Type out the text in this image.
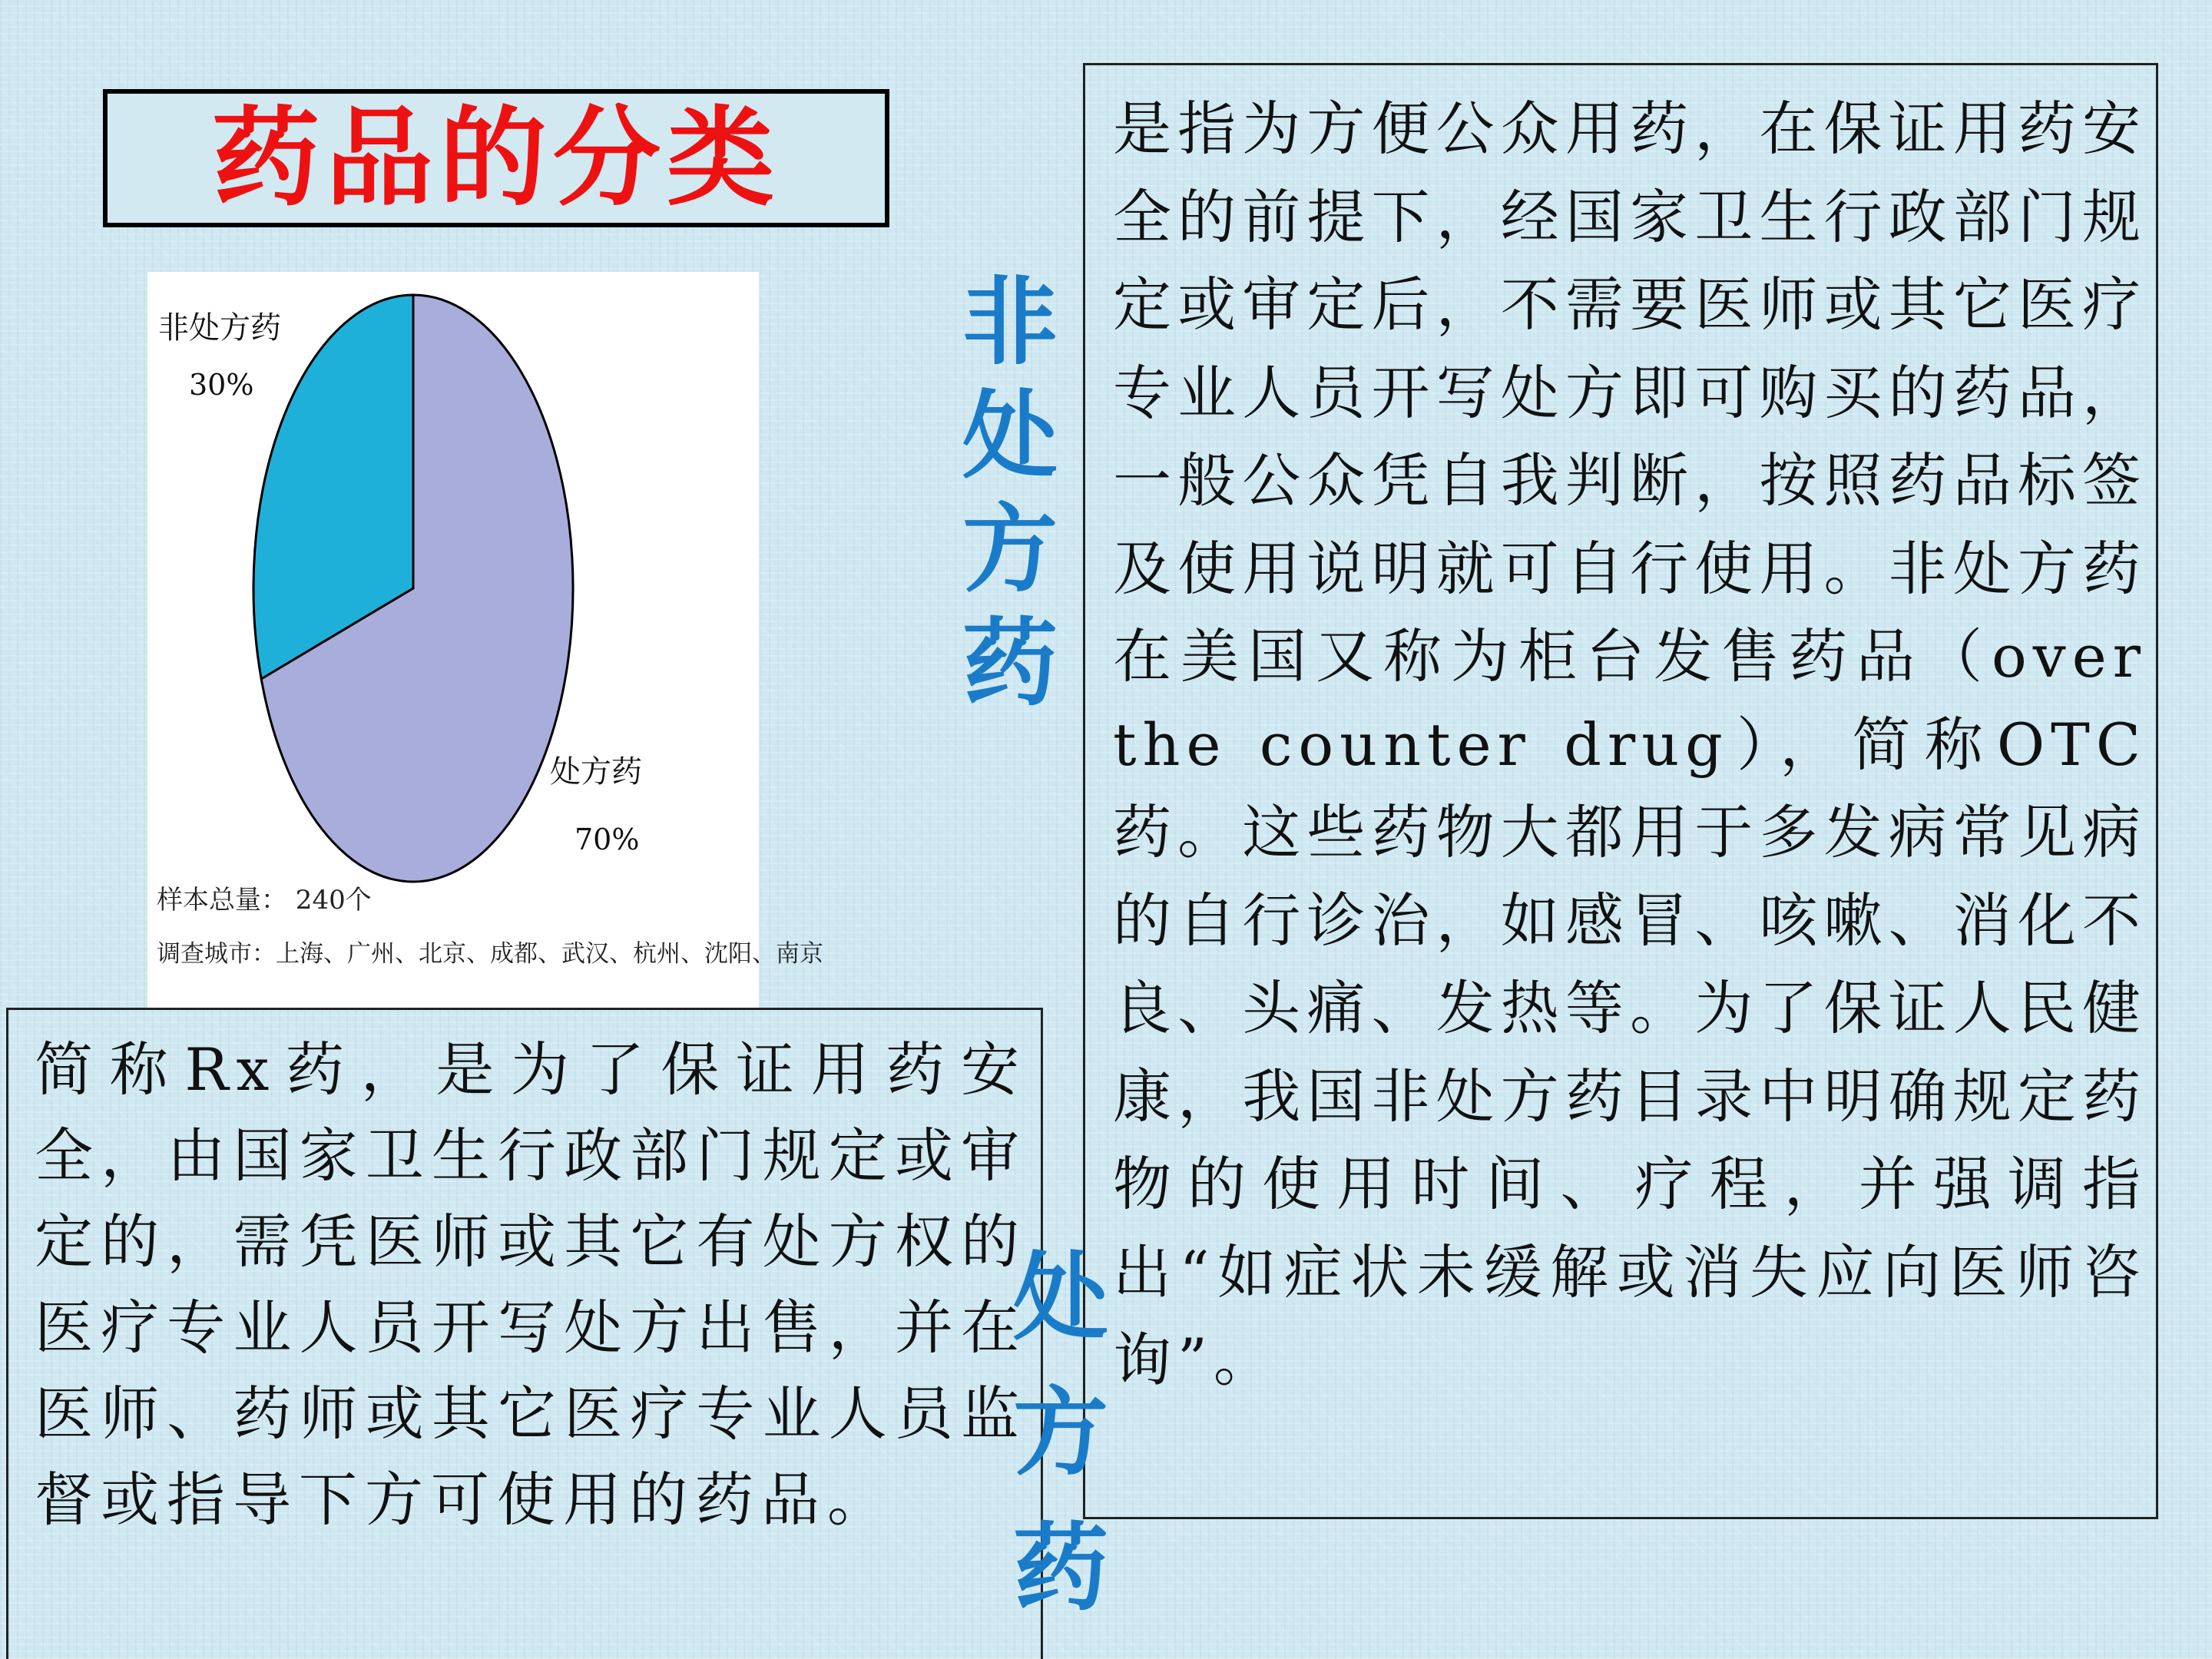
药品的分类
非处方药
30%
处方药
70%
样本总量： 240个
调查城市：上海、广州、北京、成都、武汉、杭州、沈阳、南京
非
处
方
药
是指为方便公众用药，在保证用药安全的前提下，经国家卫生行政部门规定或审定后，不需要医师或其它医疗专业人员开写处方即可购买的药品，一般公众凭自我判断，按照药品标签及使用说明就可自行使用。非处方药在美国又称为柜台发售药品（over the counter drug），简称OTC药。这些药物大都用于多发病常见病的自行诊治，如感冒、咳嗽、消化不良、头痛、发热等。为了保证人民健康，我国非处方药目录中明确规定药物的使用时间、疗程，并强调指出“如症状未缓解或消失应向医师咨询”。
简称Rx药，是为了保证用药安全，由国家卫生行政部门规定或审定的，需凭医师或其它有处方权的医疗专业人员开写处方出售，并在医师、药师或其它医疗专业人员监督或指导下方可使用的药品。
处
方
药
